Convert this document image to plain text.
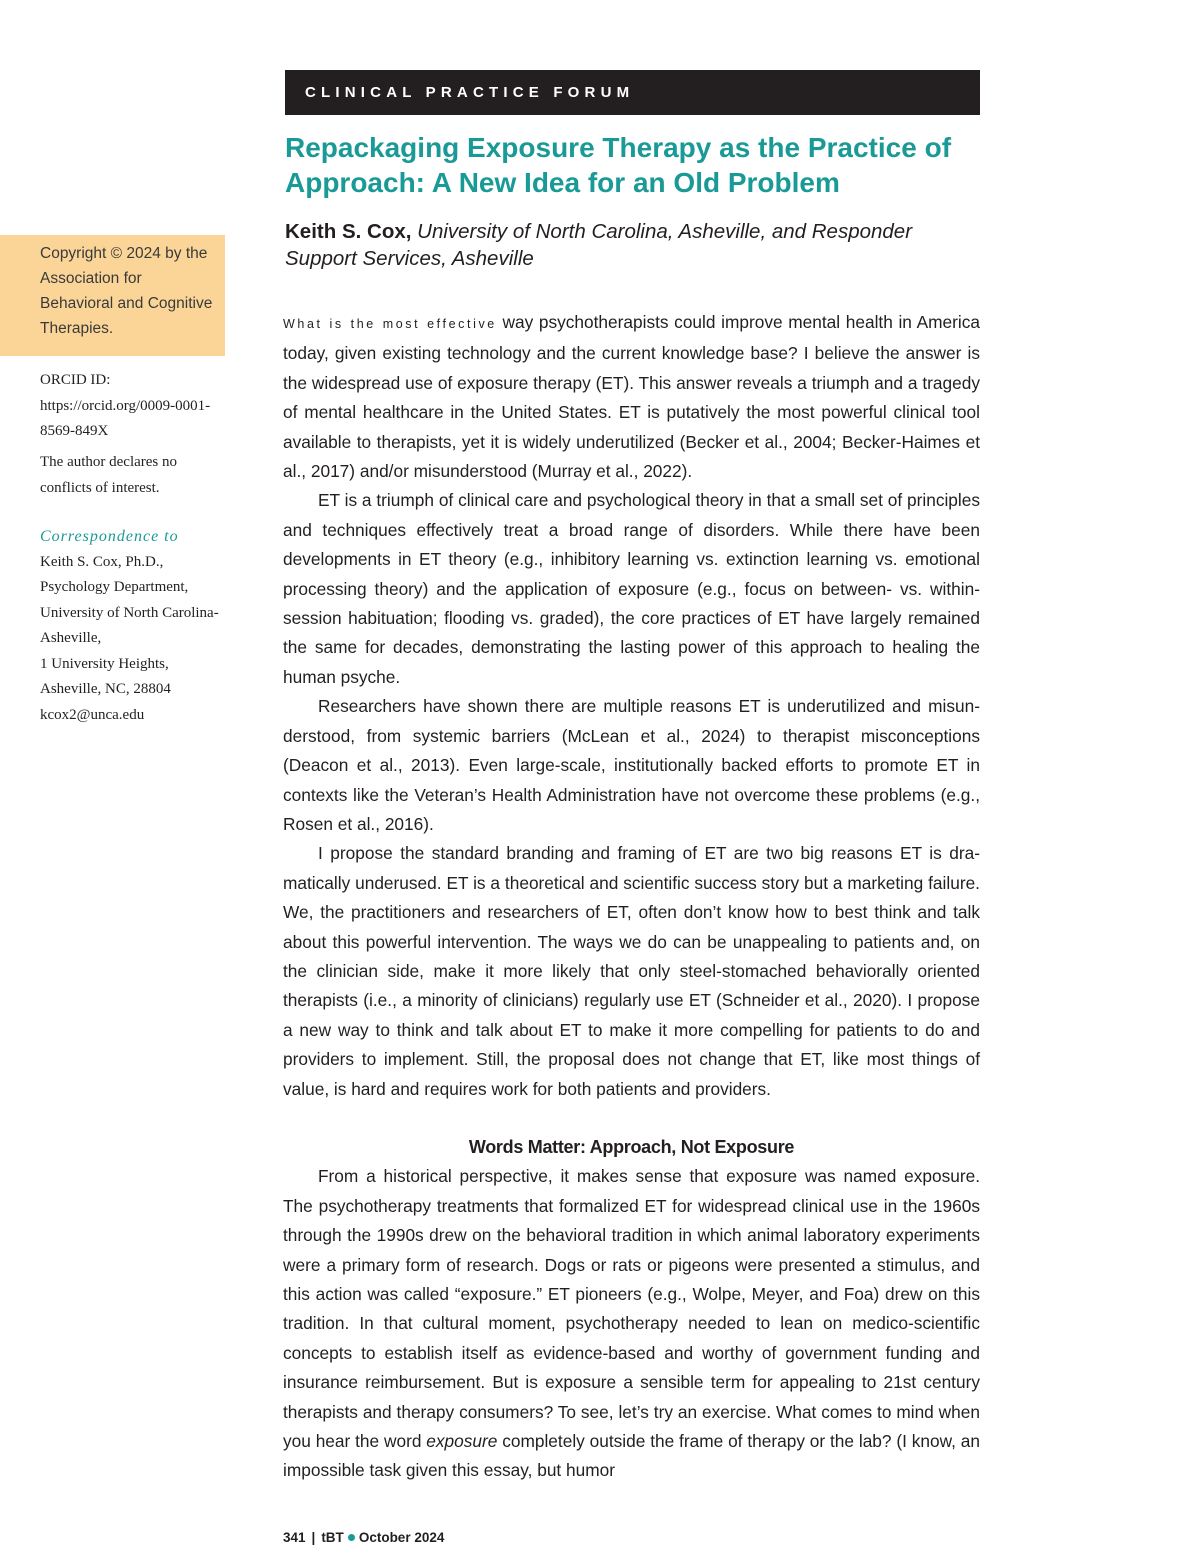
CLINICAL PRACTICE FORUM
Repackaging Exposure Therapy as the Practice of Approach: A New Idea for an Old Problem
Keith S. Cox, University of North Carolina, Asheville, and Responder Support Services, Asheville
Copyright © 2024 by the Association for Behavioral and Cognitive Therapies.
ORCID ID:
https://orcid.org/0009-0001-8569-849X
The author declares no conflicts of interest.
Correspondence to
Keith S. Cox, Ph.D.,
Psychology Department,
University of North Carolina-Asheville,
1 University Heights,
Asheville, NC, 28804
kcox2@unca.edu

What is the most effective way psychotherapists could improve mental health in America today, given existing technology and the current knowledge base? I believe the answer is the widespread use of exposure therapy (ET). This answer reveals a triumph and a tragedy of mental healthcare in the United States. ET is putatively the most powerful clinical tool available to therapists, yet it is widely underutilized (Becker et al., 2004; Becker-Haimes et al., 2017) and/or misunderstood (Murray et al., 2022).

ET is a triumph of clinical care and psychological theory in that a small set of principles and techniques effectively treat a broad range of disorders. While there have been developments in ET theory (e.g., inhibitory learning vs. extinction learning vs. emotional processing theory) and the application of exposure (e.g., focus on between- vs. within-session habituation; flooding vs. graded), the core practices of ET have largely remained the same for decades, demonstrating the lasting power of this approach to healing the human psyche.

Researchers have shown there are multiple reasons ET is underutilized and misunderstood, from systemic barriers (McLean et al., 2024) to therapist misconceptions (Deacon et al., 2013). Even large-scale, institutionally backed efforts to promote ET in contexts like the Veteran’s Health Administration have not overcome these problems (e.g., Rosen et al., 2016).

I propose the standard branding and framing of ET are two big reasons ET is dramatically underused. ET is a theoretical and scientific success story but a marketing failure. We, the practitioners and researchers of ET, often don’t know how to best think and talk about this powerful intervention. The ways we do can be unappealing to patients and, on the clinician side, make it more likely that only steel-stomached behaviorally oriented therapists (i.e., a minority of clinicians) regularly use ET (Schneider et al., 2020). I propose a new way to think and talk about ET to make it more compelling for patients to do and providers to implement. Still, the proposal does not change that ET, like most things of value, is hard and requires work for both patients and providers.

Words Matter: Approach, Not Exposure

From a historical perspective, it makes sense that exposure was named exposure. The psychotherapy treatments that formalized ET for widespread clinical use in the 1960s through the 1990s drew on the behavioral tradition in which animal laboratory experiments were a primary form of research. Dogs or rats or pigeons were presented a stimulus, and this action was called “exposure.” ET pioneers (e.g., Wolpe, Meyer, and Foa) drew on this tradition. In that cultural moment, psychotherapy needed to lean on medico-scientific concepts to establish itself as evidence-based and worthy of government funding and insurance reimbursement. But is exposure a sensible term for appealing to 21st century therapists and therapy consumers? To see, let’s try an exercise. What comes to mind when you hear the word exposure completely outside the frame of therapy or the lab? (I know, an impossible task given this essay, but humor

341 | tBT October 2024
